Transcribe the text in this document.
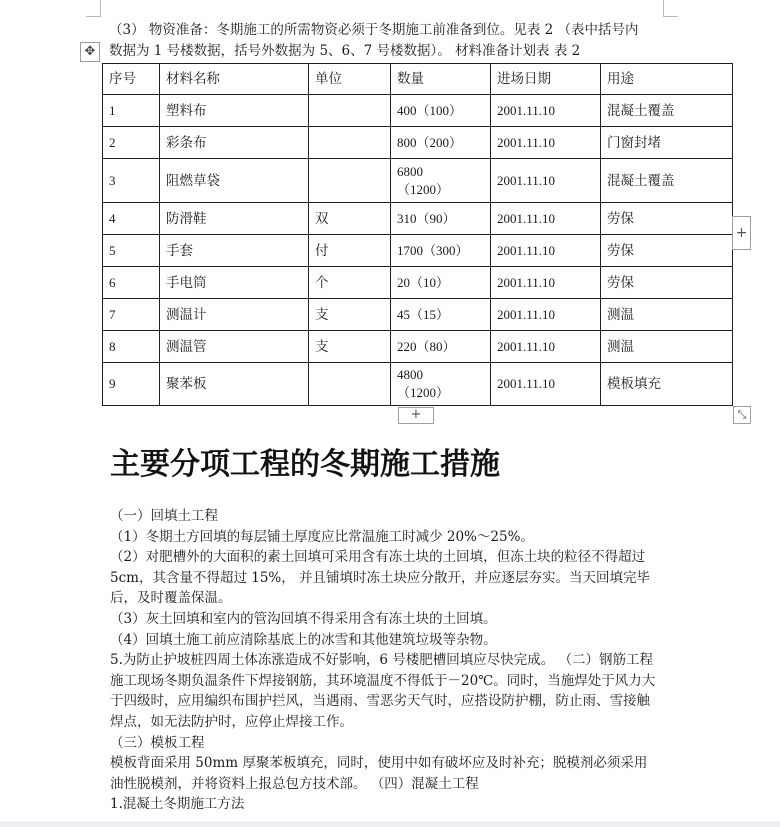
（3） 物资准备：冬期施工的所需物资必须于冬期施工前准备到位。见表 2 （表中括号内
数据为 1 号楼数据，括号外数据为 5、6、7 号楼数据）。 材料准备计划表 表 2
✥
序号	材料名称	单位	数量	进场日期	用途
1	塑料布		400（100）	2001.11.10	混凝土覆盖
2	彩条布		800（200）	2001.11.10	门窗封堵
3	阻燃草袋		6800
（1200）	2001.11.10	混凝土覆盖
4	防滑鞋	双	310（90）	2001.11.10	劳保
5	手套	付	1700（300）	2001.11.10	劳保
6	手电筒	个	20（10）	2001.11.10	劳保
7	测温计	支	45（15）	2001.11.10	测温
8	测温管	支	220（80）	2001.11.10	测温
9	聚苯板		4800
（1200）	2001.11.10	模板填充
+
+	⤡
主要分项工程的冬期施工措施
（一）回填土工程
（1）冬期土方回填的每层铺土厚度应比常温施工时减少 20%～25%。
（2）对肥槽外的大面积的素土回填可采用含有冻土块的土回填，但冻土块的粒径不得超过
5cm，其含量不得超过 15%， 并且铺填时冻土块应分散开，并应逐层夯实。当天回填完毕
后，及时覆盖保温。
（3）灰土回填和室内的管沟回填不得采用含有冻土块的土回填。
（4）回填土施工前应清除基底上的冰雪和其他建筑垃圾等杂物。
5.为防止护坡桩四周土体冻涨造成不好影响，6 号楼肥槽回填应尽快完成。 （二）钢筋工程
施工现场冬期负温条件下焊接钢筋，其环境温度不得低于－20℃。同时，当施焊处于风力大
于四级时，应用编织布围护拦风，当遇雨、雪恶劣天气时，应搭设防护棚，防止雨、雪接触
焊点，如无法防护时，应停止焊接工作。
（三）模板工程
模板背面采用 50mm 厚聚苯板填充，同时，使用中如有破坏应及时补充；脱模剂必须采用
油性脱模剂，并将资料上报总包方技术部。 （四）混凝土工程
1.混凝土冬期施工方法
